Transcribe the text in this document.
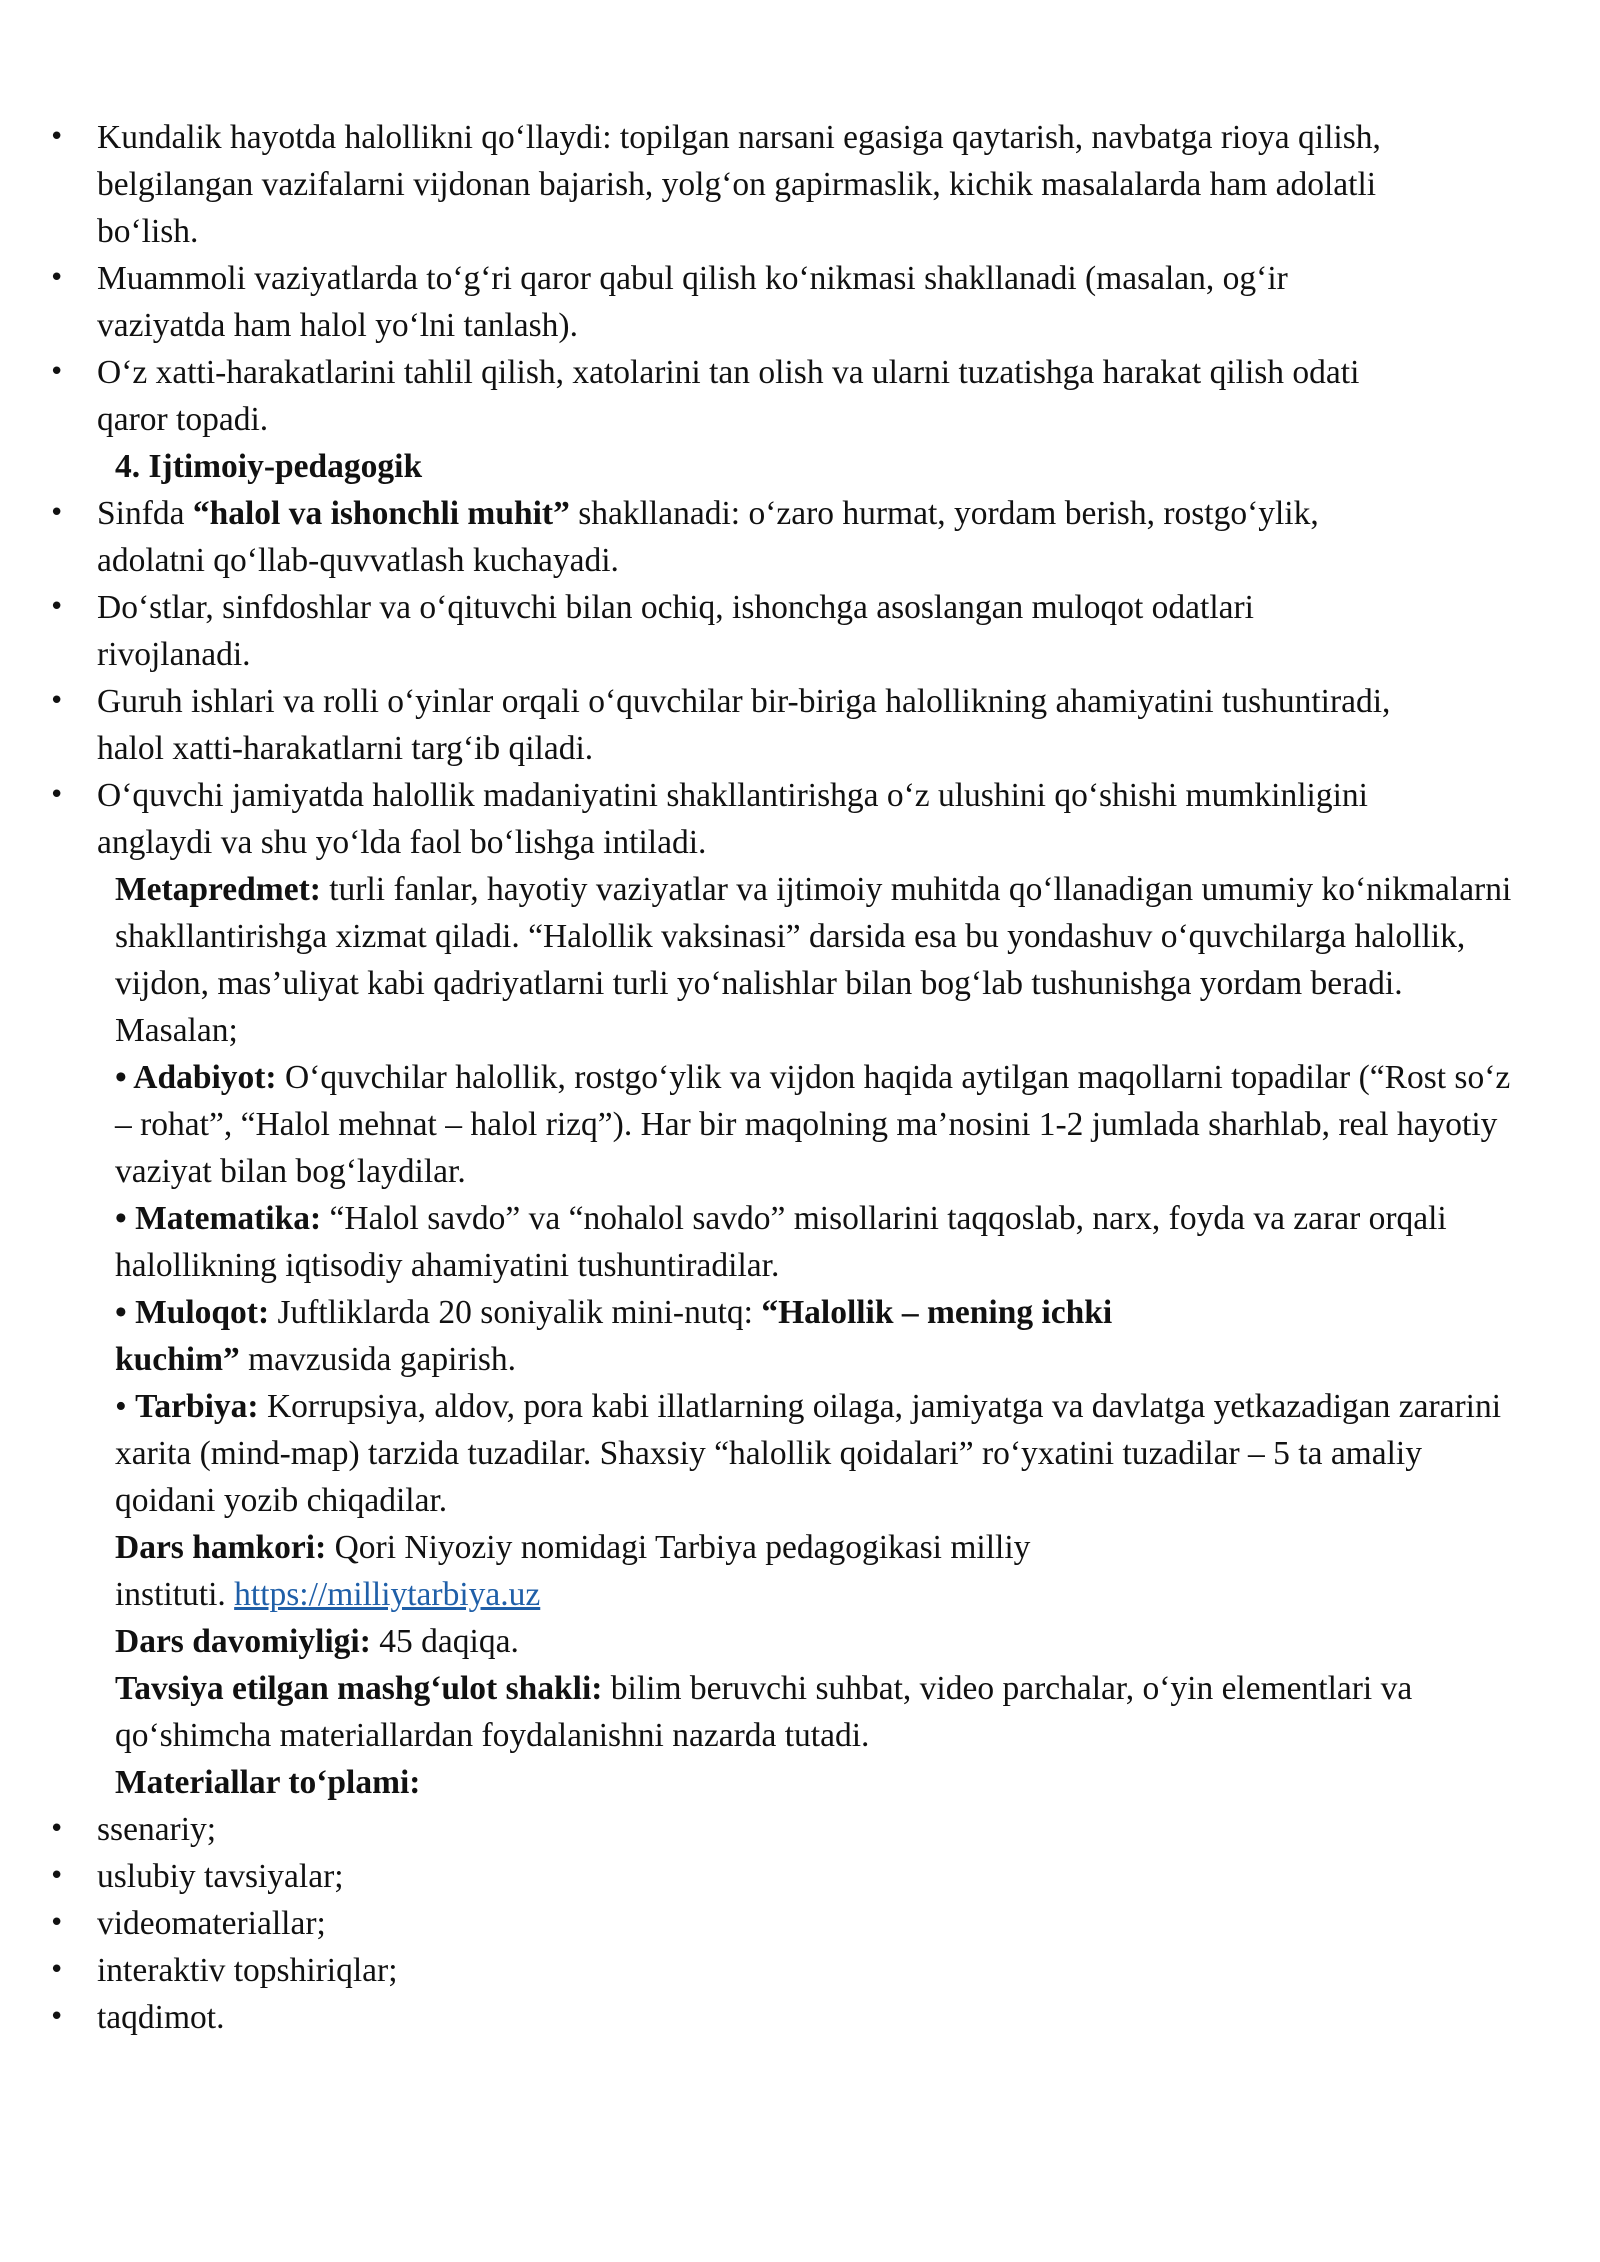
• Kundalik hayotda halollikni qo‘llaydi: topilgan narsani egasiga qaytarish, navbatga rioya qilish, belgilangan vazifalarni vijdonan bajarish, yolg‘on gapirmaslik, kichik masalalarda ham adolatli bo‘lish.
• Muammoli vaziyatlarda to‘g‘ri qaror qabul qilish ko‘nikmasi shakllanadi (masalan, og‘ir vaziyatda ham halol yo‘lni tanlash).
• O‘z xatti-harakatlarini tahlil qilish, xatolarini tan olish va ularni tuzatishga harakat qilish odati qaror topadi.

4. Ijtimoiy-pedagogik

• Sinfda “halol va ishonchli muhit” shakllanadi: o‘zaro hurmat, yordam berish, rostgo‘ylik, adolatni qo‘llab-quvvatlash kuchayadi.
• Do‘stlar, sinfdoshlar va o‘qituvchi bilan ochiq, ishonchga asoslangan muloqot odatlari rivojlanadi.
• Guruh ishlari va rolli o‘yinlar orqali o‘quvchilar bir-biriga halollikning ahamiyatini tushuntiradi, halol xatti-harakatlarni targ‘ib qiladi.
• O‘quvchi jamiyatda halollik madaniyatini shakllantirishga o‘z ulushini qo‘shishi mumkinligini anglaydi va shu yo‘lda faol bo‘lishga intiladi.

Metapredmet: turli fanlar, hayotiy vaziyatlar va ijtimoiy muhitda qo‘llanadigan umumiy ko‘nikmalarni shakllantirishga xizmat qiladi. “Halollik vaksinasi” darsida esa bu yondashuv o‘quvchilarga halollik, vijdon, mas’uliyat kabi qadriyatlarni turli yo‘nalishlar bilan bog‘lab tushunishga yordam beradi.

Masalan;

• Adabiyot: O‘quvchilar halollik, rostgo‘ylik va vijdon haqida aytilgan maqollarni topadilar (“Rost so‘z – rohat”, “Halol mehnat – halol rizq”). Har bir maqolning ma’nosini 1-2 jumlada sharhlab, real hayotiy vaziyat bilan bog‘laydilar.

• Matematika: “Halol savdo” va “nohalol savdo” misollarini taqqoslab, narx, foyda va zarar orqali halollikning iqtisodiy ahamiyatini tushuntiradilar.

• Muloqot: Juftliklarda 20 soniyalik mini-nutq: “Halollik – mening ichki
kuchim” mavzusida gapirish.

• Tarbiya: Korrupsiya, aldov, pora kabi illatlarning oilaga, jamiyatga va davlatga yetkazadigan zararini xarita (mind-map) tarzida tuzadilar. Shaxsiy “halollik qoidalari” ro‘yxatini tuzadilar – 5 ta amaliy qoidani yozib chiqadilar.

Dars hamkori: Qori Niyoziy nomidagi Tarbiya pedagogikasi milliy
instituti. https://milliytarbiya.uz

Dars davomiyligi: 45 daqiqa.

Tavsiya etilgan mashg‘ulot shakli: bilim beruvchi suhbat, video parchalar, o‘yin elementlari va qo‘shimcha materiallardan foydalanishni nazarda tutadi.

Materiallar to‘plami:

• ssenariy;
• uslubiy tavsiyalar;
• videomateriallar;
• interaktiv topshiriqlar;
• taqdimot.
